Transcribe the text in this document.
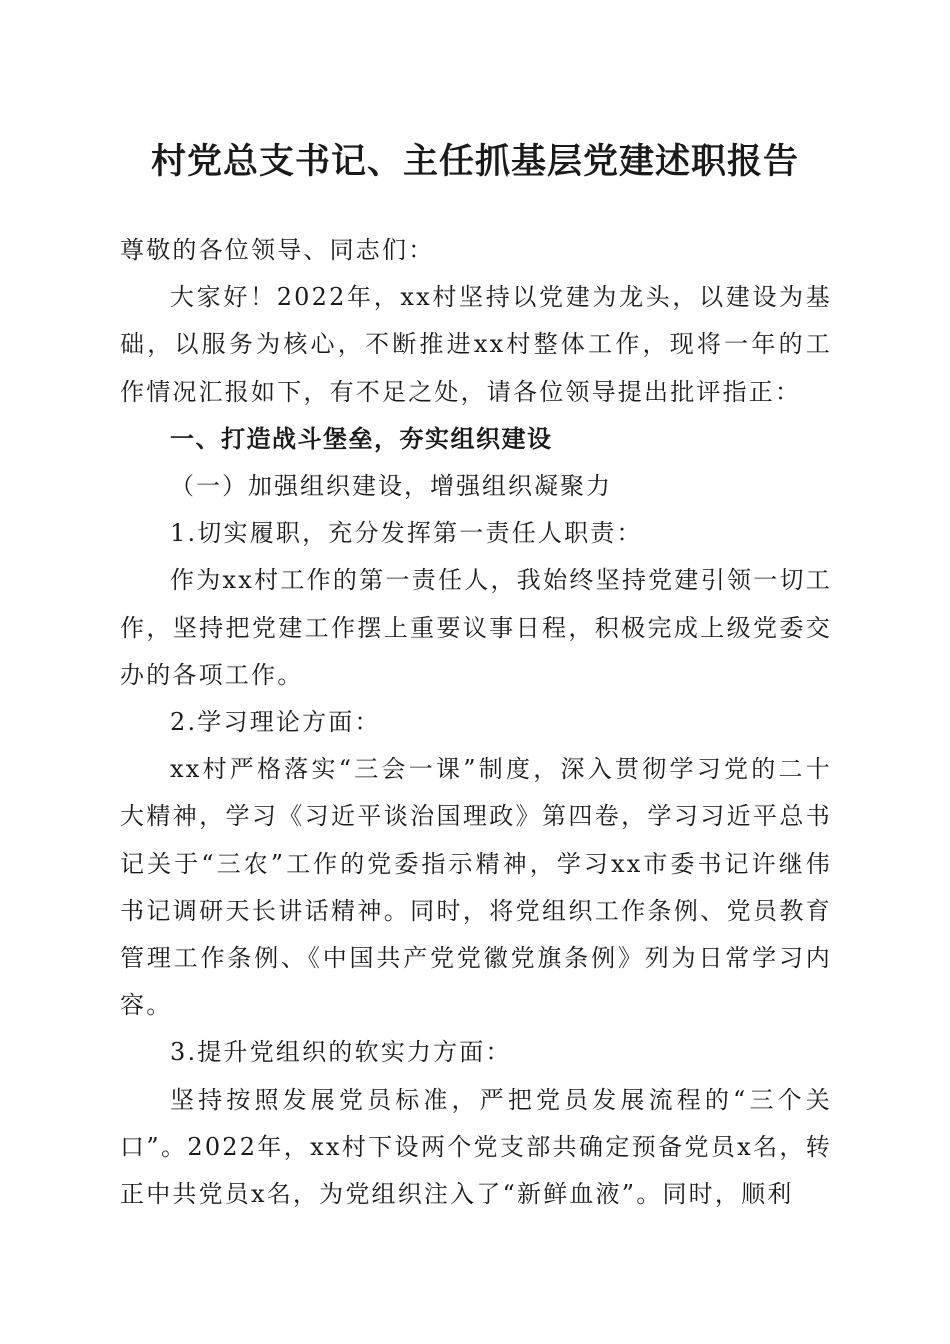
村党总支书记、主任抓基层党建述职报告

尊敬的各位领导、同志们：

大家好！2022年，xx村坚持以党建为龙头，以建设为基础，以服务为核心，不断推进xx村整体工作，现将一年的工作情况汇报如下，有不足之处，请各位领导提出批评指正：

一、打造战斗堡垒，夯实组织建设

（一）加强组织建设，增强组织凝聚力

1.切实履职，充分发挥第一责任人职责：

作为xx村工作的第一责任人，我始终坚持党建引领一切工作，坚持把党建工作摆上重要议事日程，积极完成上级党委交办的各项工作。

2.学习理论方面：

xx村严格落实“三会一课”制度，深入贯彻学习党的二十大精神，学习《习近平谈治国理政》第四卷，学习习近平总书记关于“三农”工作的党委指示精神，学习xx市委书记许继伟书记调研天长讲话精神。同时，将党组织工作条例、党员教育管理工作条例、《中国共产党党徽党旗条例》列为日常学习内容。

3.提升党组织的软实力方面：

坚持按照发展党员标准，严把党员发展流程的“三个关口”。2022年，xx村下设两个党支部共确定预备党员x名，转正中共党员x名，为党组织注入了“新鲜血液”。同时，顺利
